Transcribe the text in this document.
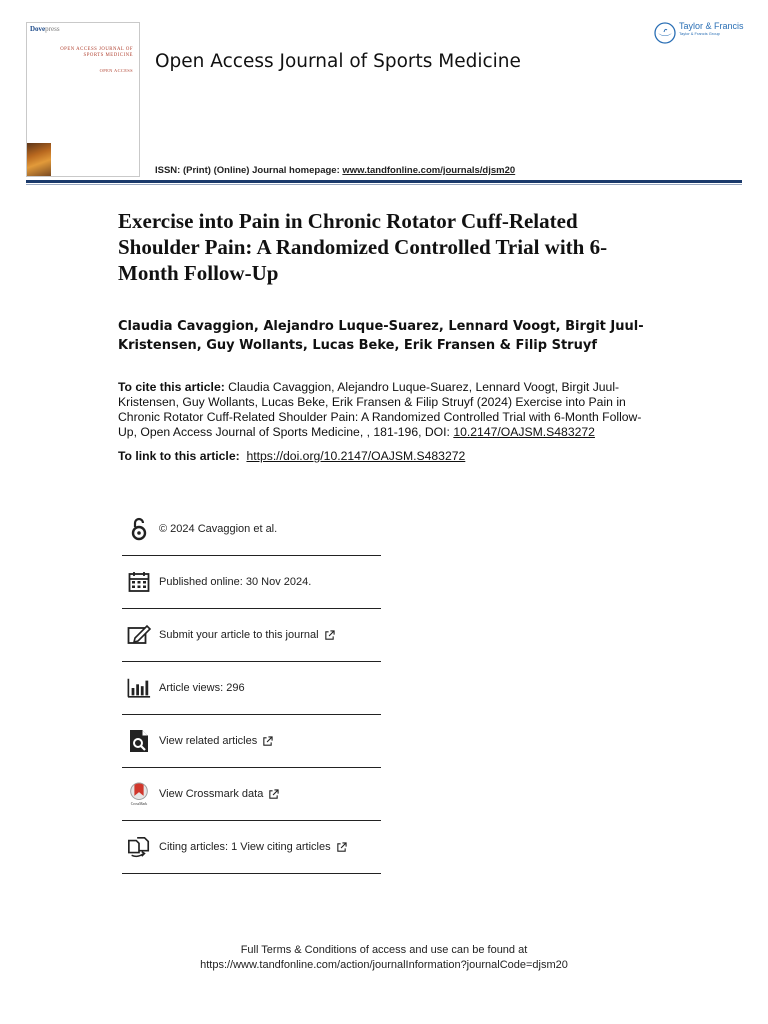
Dovepress
OPEN ACCESS JOURNAL OF SPORTS MEDICINE
OPEN ACCESS Open Access Journal of Sports Medicine
ISSN: (Print) (Online) Journal homepage: www.tandfonline.com/journals/djsm20
Taylor & Francis
Taylor & Francis Group
Exercise into Pain in Chronic Rotator Cuff-Related Shoulder Pain: A Randomized Controlled Trial with 6-Month Follow-Up
Claudia Cavaggion, Alejandro Luque-Suarez, Lennard Voogt, Birgit Juul-Kristensen, Guy Wollants, Lucas Beke, Erik Fransen & Filip Struyf
To cite this article: Claudia Cavaggion, Alejandro Luque-Suarez, Lennard Voogt, Birgit Juul-Kristensen, Guy Wollants, Lucas Beke, Erik Fransen & Filip Struyf (2024) Exercise into Pain in Chronic Rotator Cuff-Related Shoulder Pain: A Randomized Controlled Trial with 6-Month Follow-Up, Open Access Journal of Sports Medicine, , 181-196, DOI: 10.2147/OAJSM.S483272
To link to this article: https://doi.org/10.2147/OAJSM.S483272
© 2024 Cavaggion et al.
Published online: 30 Nov 2024.
Submit your article to this journal
Article views: 296
View related articles
CrossMark
View Crossmark data
Citing articles: 1 View citing articles
Full Terms & Conditions of access and use can be found at
https://www.tandfonline.com/action/journalInformation?journalCode=djsm20
